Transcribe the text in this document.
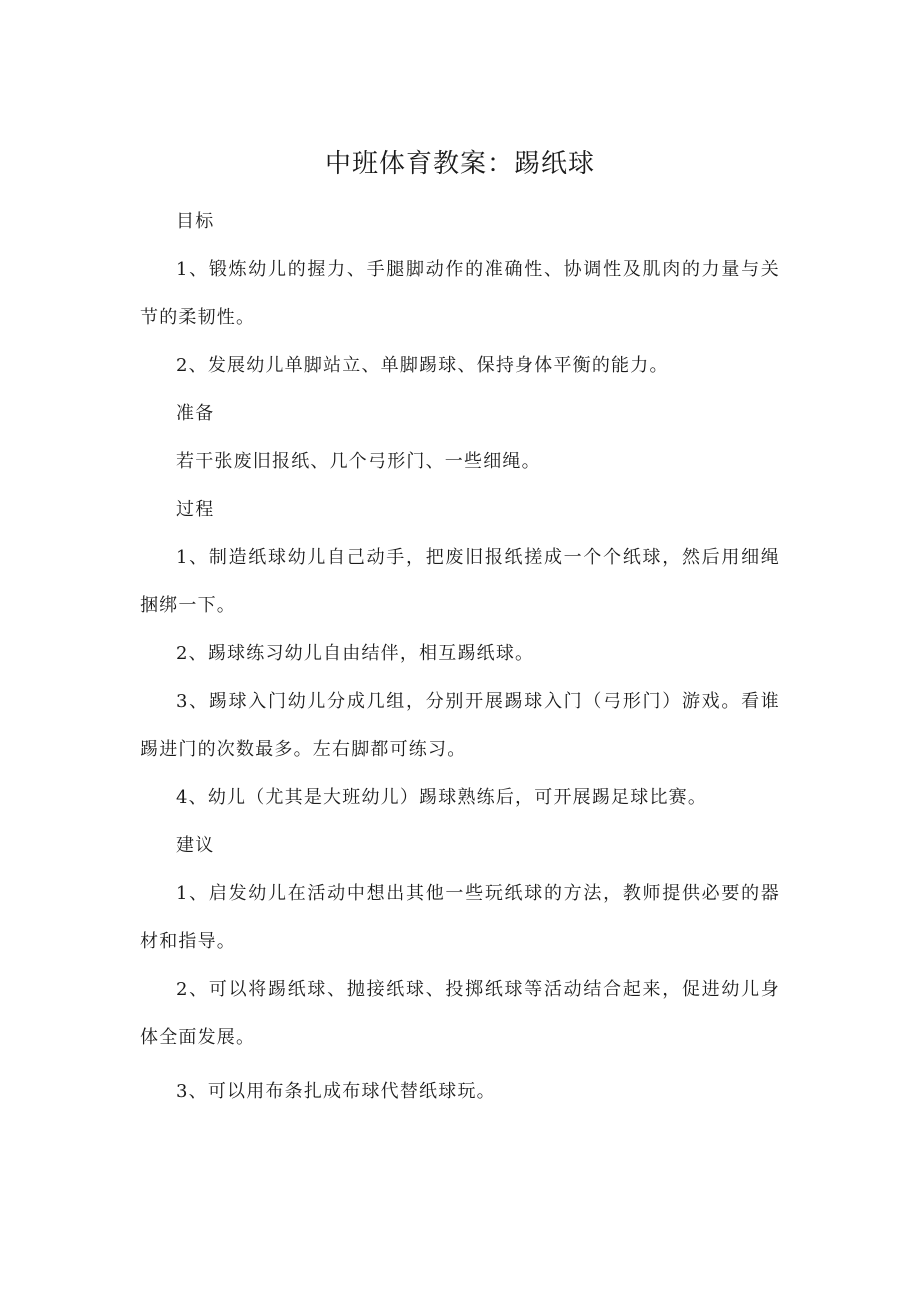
中班体育教案：踢纸球

目标

1、锻炼幼儿的握力、手腿脚动作的准确性、协调性及肌肉的力量与关节的柔韧性。

2、发展幼儿单脚站立、单脚踢球、保持身体平衡的能力。

准备

若干张废旧报纸、几个弓形门、一些细绳。

过程

1、制造纸球幼儿自己动手，把废旧报纸搓成一个个纸球，然后用细绳捆绑一下。

2、踢球练习幼儿自由结伴，相互踢纸球。

3、踢球入门幼儿分成几组，分别开展踢球入门（弓形门）游戏。看谁踢进门的次数最多。左右脚都可练习。

4、幼儿（尤其是大班幼儿）踢球熟练后，可开展踢足球比赛。

建议

1、启发幼儿在活动中想出其他一些玩纸球的方法，教师提供必要的器材和指导。

2、可以将踢纸球、抛接纸球、投掷纸球等活动结合起来，促进幼儿身体全面发展。

3、可以用布条扎成布球代替纸球玩。
